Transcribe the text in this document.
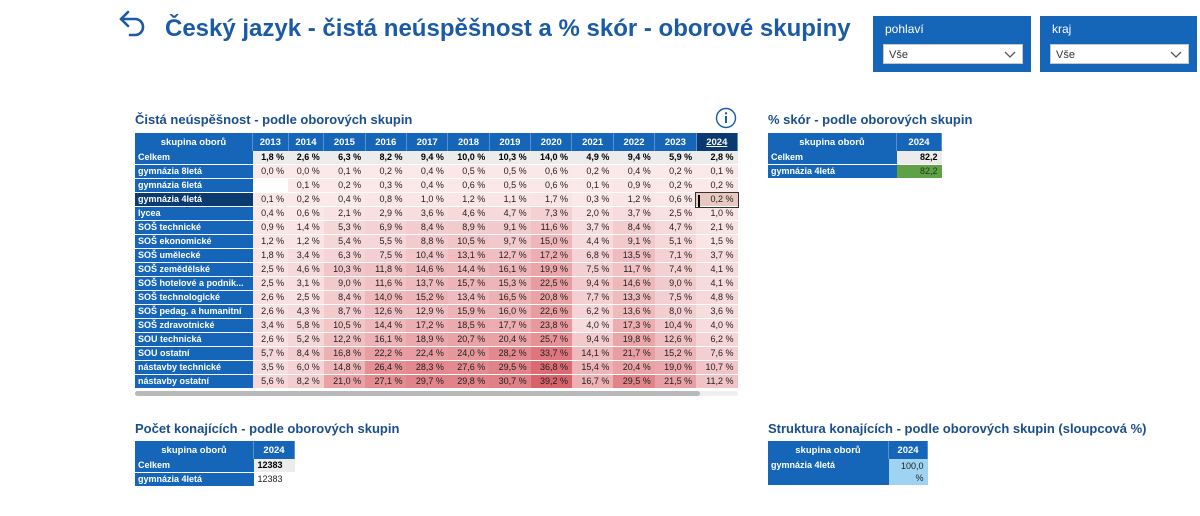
Český jazyk - čistá neúspěšnost a % skór - oborové skupiny	pohlaví
Vše
kraj
Vše
Čistá neúspěšnost - podle oborových skupin
skupina oborů	2013	2014	2015	2016	2017	2018	2019	2020	2021	2022	2023	2024
Celkem	1,8 %	2,6 %	6,3 %	8,2 %	9,4 %	10,0 %	10,3 %	14,0 %	4,9 %	9,4 %	5,9 %	2,8 %
gymnázia 8letá	0,0 %	0,0 %	0,1 %	0,2 %	0,4 %	0,5 %	0,5 %	0,6 %	0,2 %	0,4 %	0,2 %	0,1 %
gymnázia 6letá		0,1 %	0,2 %	0,3 %	0,4 %	0,6 %	0,5 %	0,6 %	0,1 %	0,9 %	0,2 %	0,2 %
gymnázia 4letá	0,1 %	0,2 %	0,4 %	0,8 %	1,0 %	1,2 %	1,1 %	1,7 %	0,3 %	1,2 %	0,6 %	0,2 %
lycea	0,4 %	0,6 %	2,1 %	2,9 %	3,6 %	4,6 %	4,7 %	7,3 %	2,0 %	3,7 %	2,5 %	1,0 %
SOŠ technické	0,9 %	1,4 %	5,3 %	6,9 %	8,4 %	8,9 %	9,1 %	11,6 %	3,7 %	8,4 %	4,7 %	2,1 %
SOŠ ekonomické	1,2 %	1,2 %	5,4 %	5,5 %	8,8 %	10,5 %	9,7 %	15,0 %	4,4 %	9,1 %	5,1 %	1,5 %
SOŠ umělecké	1,8 %	3,4 %	6,3 %	7,5 %	10,4 %	13,1 %	12,7 %	17,2 %	6,8 %	13,5 %	7,1 %	3,7 %
SOŠ zemědělské	2,5 %	4,6 %	10,3 %	11,8 %	14,6 %	14,4 %	16,1 %	19,9 %	7,5 %	11,7 %	7,4 %	4,1 %
SOŠ hotelové a podnik...	2,5 %	3,1 %	9,0 %	11,6 %	13,7 %	15,7 %	15,3 %	22,5 %	9,4 %	14,6 %	9,0 %	4,1 %
SOŠ technologické	2,6 %	2,5 %	8,4 %	14,0 %	15,2 %	13,4 %	16,5 %	20,8 %	7,7 %	13,3 %	7,5 %	4,8 %
SOŠ pedag. a humanitní	2,6 %	4,3 %	8,7 %	12,6 %	12,9 %	15,9 %	16,0 %	22,6 %	6,2 %	13,6 %	8,0 %	3,6 %
SOŠ zdravotnické	3,4 %	5,8 %	10,5 %	14,4 %	17,2 %	18,5 %	17,7 %	23,8 %	4,0 %	17,3 %	10,4 %	4,0 %
SOU technická	2,6 %	5,2 %	12,2 %	16,1 %	18,9 %	20,7 %	20,4 %	25,7 %	9,4 %	19,8 %	12,6 %	6,2 %
SOU ostatní	5,7 %	8,4 %	16,8 %	22,2 %	22,4 %	24,0 %	28,2 %	33,7 %	14,1 %	21,7 %	15,2 %	7,6 %
nástavby technické	3,5 %	6,0 %	14,8 %	26,4 %	28,3 %	27,6 %	29,5 %	36,8 %	15,4 %	20,4 %	19,0 %	10,7 %
nástavby ostatní	5,6 %	8,2 %	21,0 %	27,1 %	29,7 %	29,8 %	30,7 %	39,2 %	16,7 %	29,5 %	21,5 %	11,2 %
% skór - podle oborových skupin
skupina oborů	2024
Celkem	82,2
gymnázia 4letá	82,2
Počet konajících - podle oborových skupin
skupina oborů	2024
Celkem	12383
gymnázia 4letá	12383
Struktura konajících - podle oborových skupin (sloupcová %)
skupina oborů	2024
gymnázia 4letá	100,0
%
